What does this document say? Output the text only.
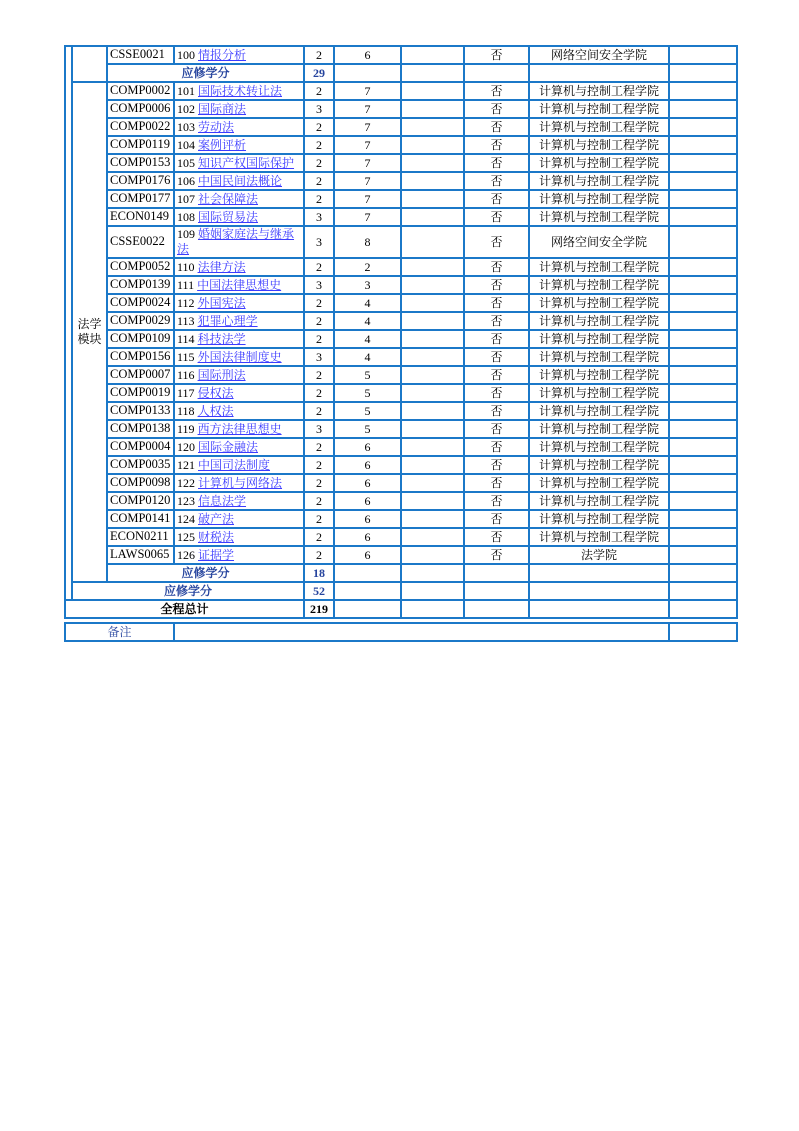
		CSSE0021	100 情报分析	2	6		否	网络空间安全学院	
		应修学分		29					
	法学模块	COMP0002	101 国际技术转让法	2	7		否	计算机与控制工程学院	
		COMP0006	102 国际商法	3	7		否	计算机与控制工程学院	
		COMP0022	103 劳动法	2	7		否	计算机与控制工程学院	
		COMP0119	104 案例评析	2	7		否	计算机与控制工程学院	
		COMP0153	105 知识产权国际保护	2	7		否	计算机与控制工程学院	
		COMP0176	106 中国民间法概论	2	7		否	计算机与控制工程学院	
		COMP0177	107 社会保障法	2	7		否	计算机与控制工程学院	
		ECON0149	108 国际贸易法	3	7		否	计算机与控制工程学院	
		CSSE0022	109 婚姻家庭法与继承法	3	8		否	网络空间安全学院	
		COMP0052	110 法律方法	2	2		否	计算机与控制工程学院	
		COMP0139	111 中国法律思想史	3	3		否	计算机与控制工程学院	
		COMP0024	112 外国宪法	2	4		否	计算机与控制工程学院	
		COMP0029	113 犯罪心理学	2	4		否	计算机与控制工程学院	
		COMP0109	114 科技法学	2	4		否	计算机与控制工程学院	
		COMP0156	115 外国法律制度史	3	4		否	计算机与控制工程学院	
		COMP0007	116 国际刑法	2	5		否	计算机与控制工程学院	
		COMP0019	117 侵权法	2	5		否	计算机与控制工程学院	
		COMP0133	118 人权法	2	5		否	计算机与控制工程学院	
		COMP0138	119 西方法律思想史	3	5		否	计算机与控制工程学院	
		COMP0004	120 国际金融法	2	6		否	计算机与控制工程学院	
		COMP0035	121 中国司法制度	2	6		否	计算机与控制工程学院	
		COMP0098	122 计算机与网络法	2	6		否	计算机与控制工程学院	
		COMP0120	123 信息法学	2	6		否	计算机与控制工程学院	
		COMP0141	124 破产法	2	6		否	计算机与控制工程学院	
		ECON0211	125 财税法	2	6		否	计算机与控制工程学院	
		LAWS0065	126 证据学	2	6		否	法学院	
		应修学分		18					
	应修学分			52					
全程总计				219					
备注		
